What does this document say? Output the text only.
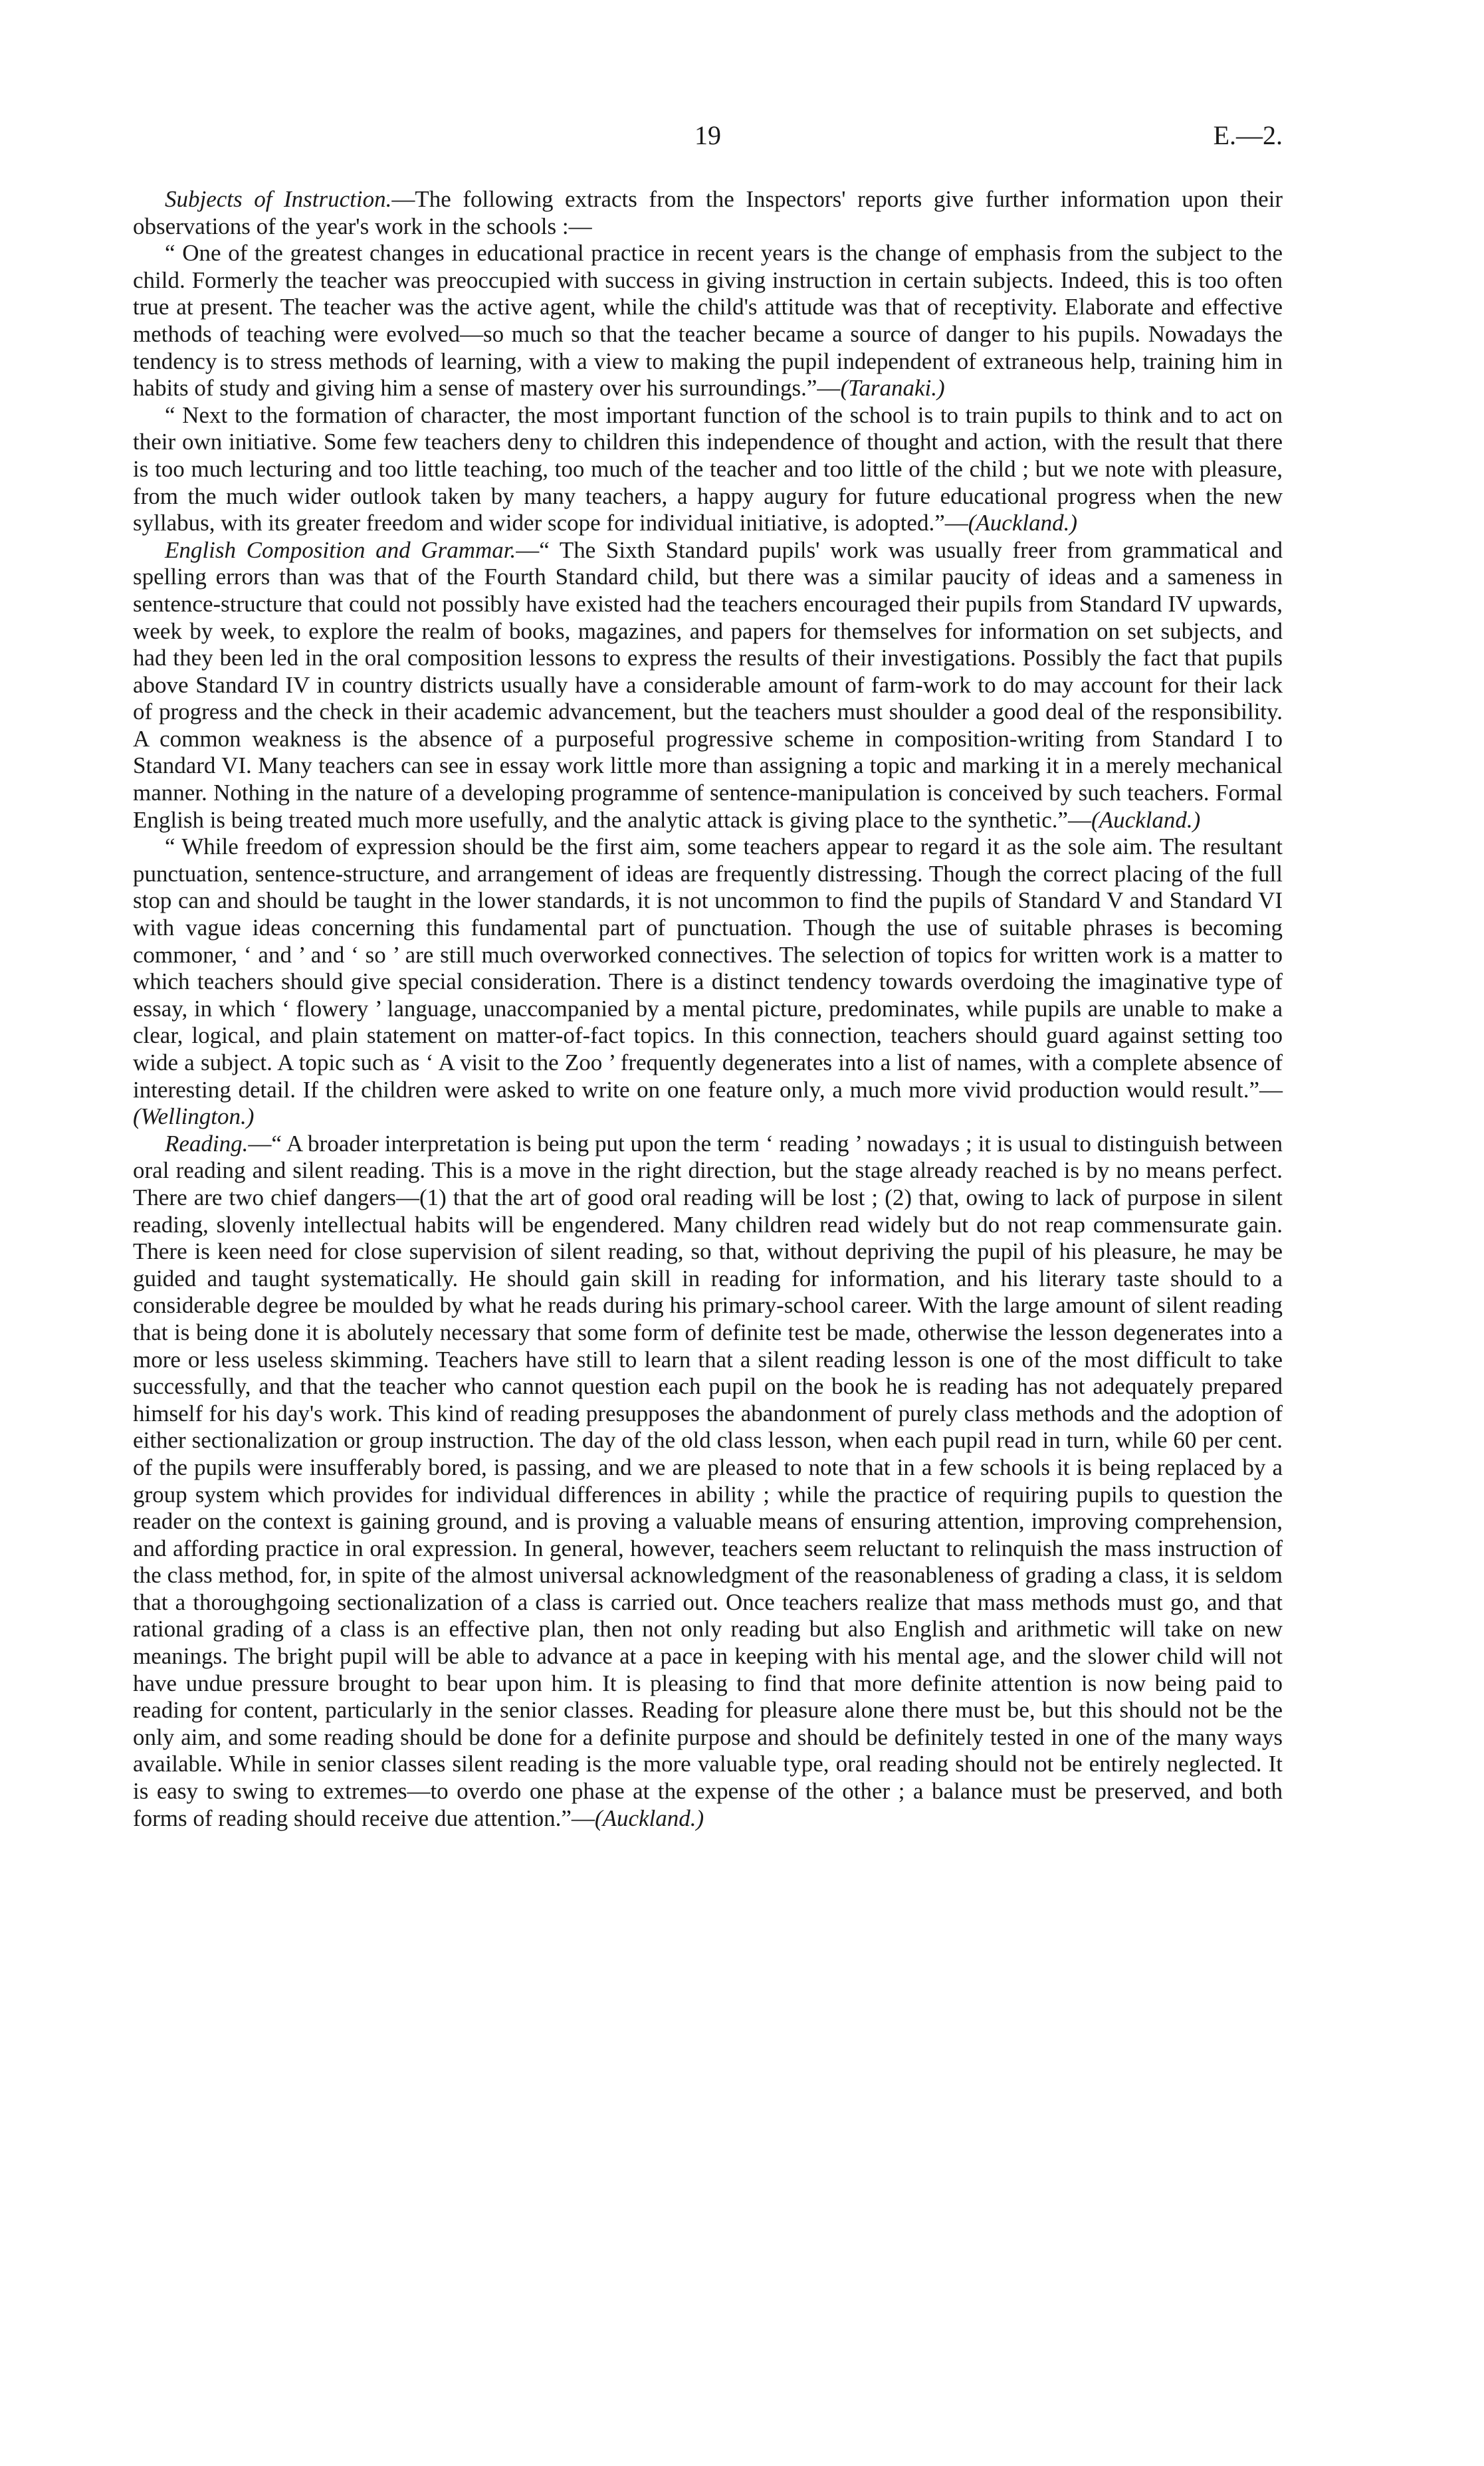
19	E.—2.

Subjects of Instruction.—The following extracts from the Inspectors' reports give further information upon their observations of the year's work in the schools :—

“ One of the greatest changes in educational practice in recent years is the change of emphasis from the subject to the child. Formerly the teacher was preoccupied with success in giving instruction in certain subjects. Indeed, this is too often true at present. The teacher was the active agent, while the child's attitude was that of receptivity. Elaborate and effective methods of teaching were evolved—so much so that the teacher became a source of danger to his pupils. Nowadays the tendency is to stress methods of learning, with a view to making the pupil independent of extraneous help, training him in habits of study and giving him a sense of mastery over his surroundings.”—(Taranaki.)

“ Next to the formation of character, the most important function of the school is to train pupils to think and to act on their own initiative. Some few teachers deny to children this independence of thought and action, with the result that there is too much lecturing and too little teaching, too much of the teacher and too little of the child ; but we note with pleasure, from the much wider outlook taken by many teachers, a happy augury for future educational progress when the new syllabus, with its greater freedom and wider scope for individual initiative, is adopted.”—(Auckland.)

English Composition and Grammar.—“ The Sixth Standard pupils' work was usually freer from grammatical and spelling errors than was that of the Fourth Standard child, but there was a similar paucity of ideas and a sameness in sentence-structure that could not possibly have existed had the teachers encouraged their pupils from Standard IV upwards, week by week, to explore the realm of books, magazines, and papers for themselves for information on set subjects, and had they been led in the oral composition lessons to express the results of their investigations. Possibly the fact that pupils above Standard IV in country districts usually have a considerable amount of farm-work to do may account for their lack of progress and the check in their academic advancement, but the teachers must shoulder a good deal of the responsibility. A common weakness is the absence of a purposeful progressive scheme in composition-writing from Standard I to Standard VI. Many teachers can see in essay work little more than assigning a topic and marking it in a merely mechanical manner. Nothing in the nature of a developing programme of sentence-manipulation is conceived by such teachers. Formal English is being treated much more usefully, and the analytic attack is giving place to the synthetic.”—(Auckland.)

“ While freedom of expression should be the first aim, some teachers appear to regard it as the sole aim. The resultant punctuation, sentence-structure, and arrangement of ideas are frequently distressing. Though the correct placing of the full stop can and should be taught in the lower standards, it is not uncommon to find the pupils of Standard V and Standard VI with vague ideas concerning this fundamental part of punctuation. Though the use of suitable phrases is becoming commoner, ‘ and ’ and ‘ so ’ are still much overworked connectives. The selection of topics for written work is a matter to which teachers should give special consideration. There is a distinct tendency towards overdoing the imaginative type of essay, in which ‘ flowery ’ language, unaccompanied by a mental picture, predominates, while pupils are unable to make a clear, logical, and plain statement on matter-of-fact topics. In this connection, teachers should guard against setting too wide a subject. A topic such as ‘ A visit to the Zoo ’ frequently degenerates into a list of names, with a complete absence of interesting detail. If the children were asked to write on one feature only, a much more vivid production would result.”—(Wellington.)

Reading.—“ A broader interpretation is being put upon the term ‘ reading ’ nowadays ; it is usual to distinguish between oral reading and silent reading. This is a move in the right direction, but the stage already reached is by no means perfect. There are two chief dangers—(1) that the art of good oral reading will be lost ; (2) that, owing to lack of purpose in silent reading, slovenly intellectual habits will be engendered. Many children read widely but do not reap commensurate gain. There is keen need for close supervision of silent reading, so that, without depriving the pupil of his pleasure, he may be guided and taught systematically. He should gain skill in reading for information, and his literary taste should to a considerable degree be moulded by what he reads during his primary-school career. With the large amount of silent reading that is being done it is abolutely necessary that some form of definite test be made, otherwise the lesson degenerates into a more or less useless skimming. Teachers have still to learn that a silent reading lesson is one of the most difficult to take successfully, and that the teacher who cannot question each pupil on the book he is reading has not adequately prepared himself for his day's work. This kind of reading presupposes the abandonment of purely class methods and the adoption of either sectionalization or group instruction. The day of the old class lesson, when each pupil read in turn, while 60 per cent. of the pupils were insufferably bored, is passing, and we are pleased to note that in a few schools it is being replaced by a group system which provides for individual differences in ability ; while the practice of requiring pupils to question the reader on the context is gaining ground, and is proving a valuable means of ensuring attention, improving comprehension, and affording practice in oral expression. In general, however, teachers seem reluctant to relinquish the mass instruction of the class method, for, in spite of the almost universal acknowledgment of the reasonableness of grading a class, it is seldom that a thoroughgoing sectionalization of a class is carried out. Once teachers realize that mass methods must go, and that rational grading of a class is an effective plan, then not only reading but also English and arithmetic will take on new meanings. The bright pupil will be able to advance at a pace in keeping with his mental age, and the slower child will not have undue pressure brought to bear upon him. It is pleasing to find that more definite attention is now being paid to reading for content, particularly in the senior classes. Reading for pleasure alone there must be, but this should not be the only aim, and some reading should be done for a definite purpose and should be definitely tested in one of the many ways available. While in senior classes silent reading is the more valuable type, oral reading should not be entirely neglected. It is easy to swing to extremes—to overdo one phase at the expense of the other ; a balance must be preserved, and both forms of reading should receive due attention.”—(Auckland.)
